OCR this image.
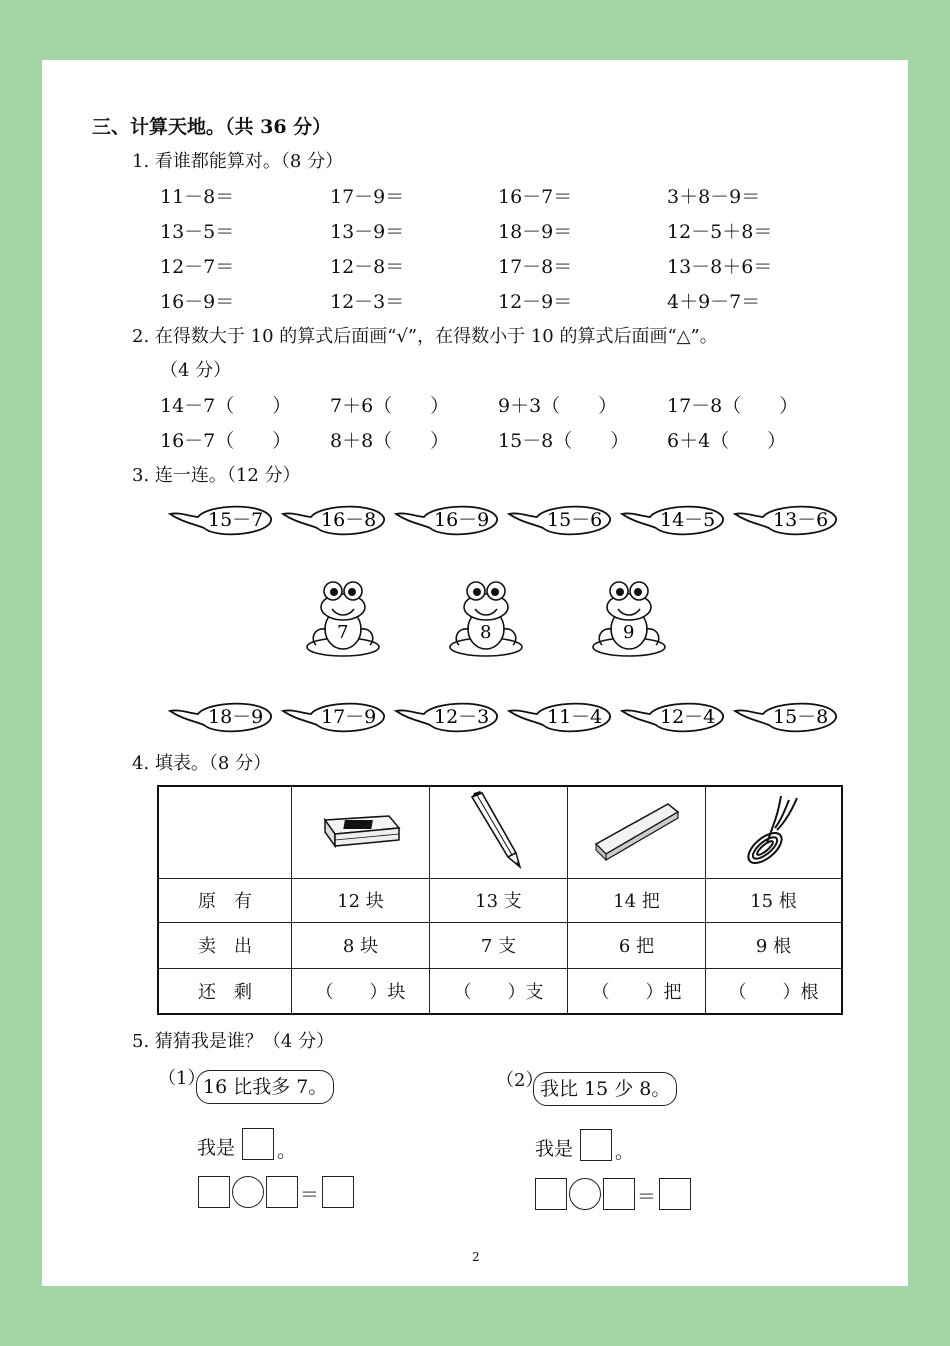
三、计算天地。（共 36 分）
1. 看谁都能算对。（8 分）
11－8＝	17－9＝	16－7＝	3＋8－9＝
13－5＝	13－9＝	18－9＝	12－5＋8＝
12－7＝	12－8＝	17－8＝	13－8＋6＝
16－9＝	12－3＝	12－9＝	4＋9－7＝
2. 在得数大于 10 的算式后面画“√”，在得数小于 10 的算式后面画“△”。
（4 分）
14－7（　　） 7＋6（　　）	9＋3（　　）	17－8（　　）
16－7（　　） 8＋8（　　）	15－8（　　） 6＋4（　　）
3. 连一连。（12 分）
15－7	16－8	16－9	15－6	14－5	13－6
7	8	9
18－9	17－9	12－3	11－4	12－4	15－8
4. 填表。（8 分）

原　有	12 块	13 支	14 把	15 根
卖　出	8 块	7 支	6 把	9 根
还　剩	（　　）块	（　　）支	（　　）把	（　　）根
5. 猜猜我是谁？（4 分）
（1）
16 比我多 7。
我是 。
＝
（2）
我比 15 少 8。
我是 。
＝
2
